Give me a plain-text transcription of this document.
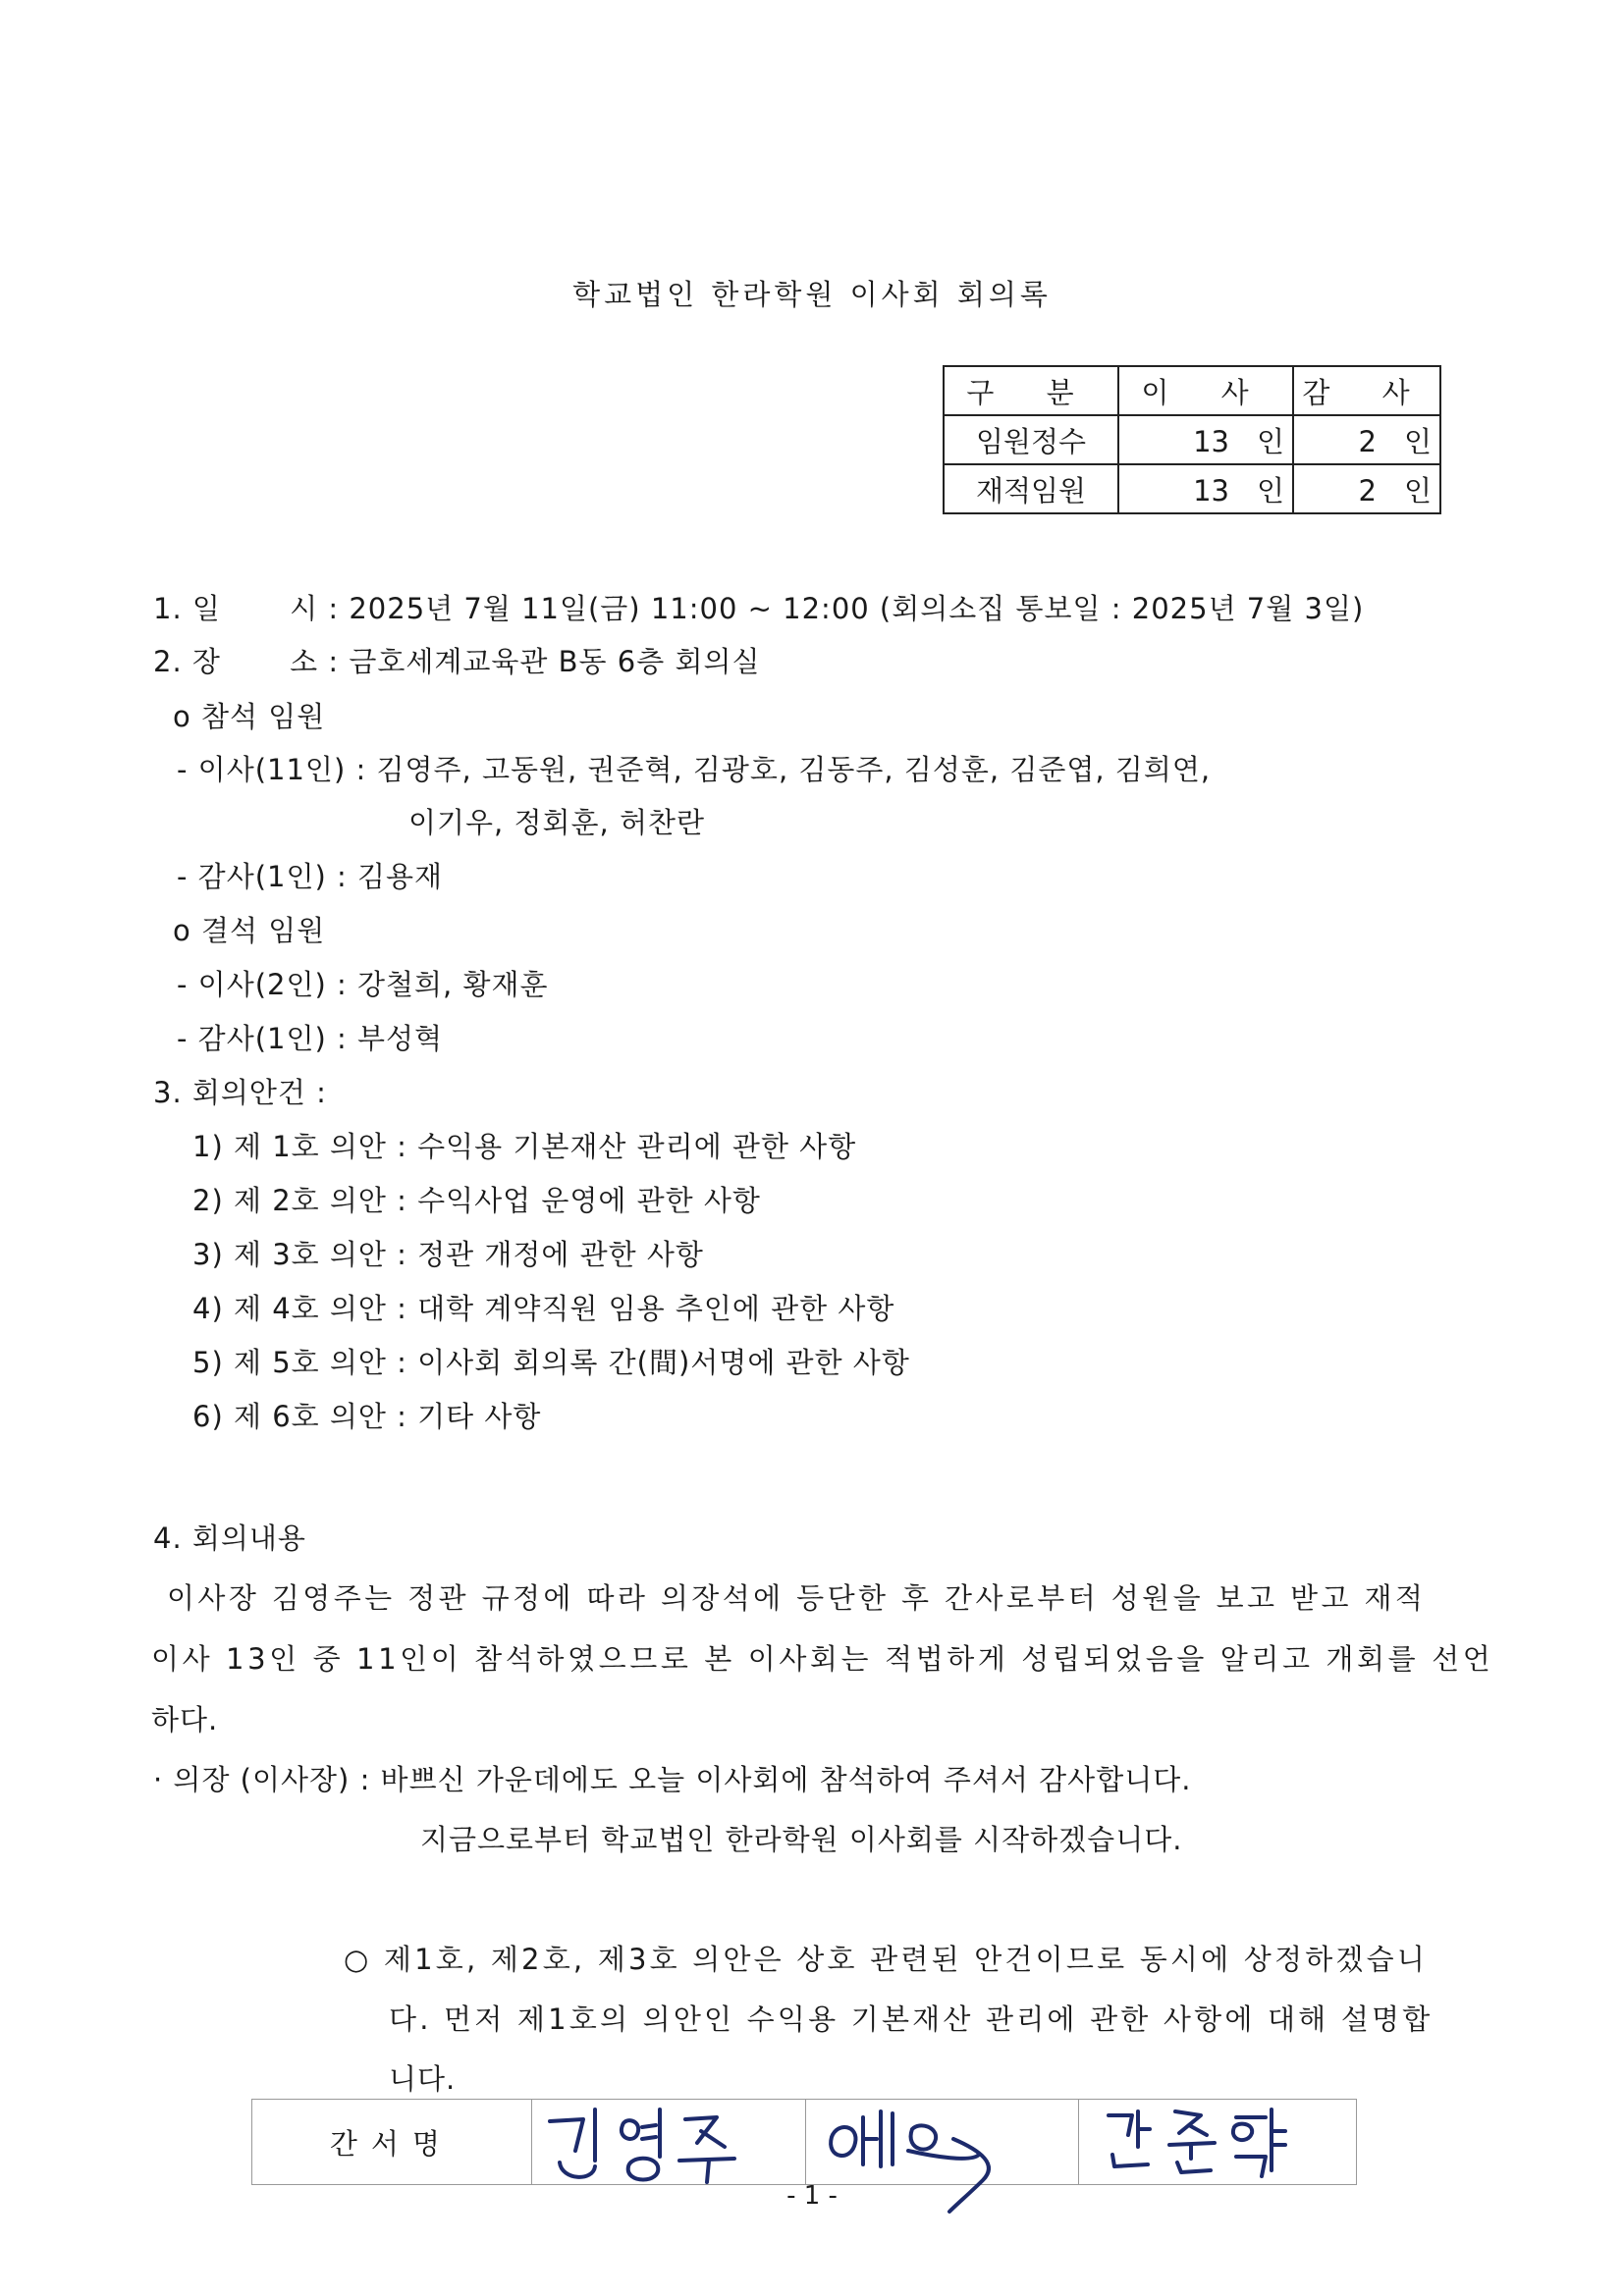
학교법인 한라학원 이사회 회의록
구 분	이 사	감 사
임원정수	13 인	2 인
재적임원	13 인	2 인
1. 일　　 시 : 2025년 7월 11일(금) 11:00 ~ 12:00 (회의소집 통보일 : 2025년 7월 3일)
2. 장　　 소 : 금호세계교육관 B동 6층 회의실
o 참석 임원
- 이사(11인) : 김영주, 고동원, 권준혁, 김광호, 김동주, 김성훈, 김준엽, 김희연,
이기우, 정회훈, 허찬란
- 감사(1인) : 김용재
o 결석 임원
- 이사(2인) : 강철희, 황재훈
- 감사(1인) : 부성혁
3. 회의안건 :
1) 제 1호 의안 : 수익용 기본재산 관리에 관한 사항
2) 제 2호 의안 : 수익사업 운영에 관한 사항
3) 제 3호 의안 : 정관 개정에 관한 사항
4) 제 4호 의안 : 대학 계약직원 임용 추인에 관한 사항
5) 제 5호 의안 : 이사회 회의록 간(間)서명에 관한 사항
6) 제 6호 의안 : 기타 사항
4. 회의내용
이사장 김영주는 정관 규정에 따라 의장석에 등단한 후 간사로부터 성원을 보고 받고 재적
이사 13인 중 11인이 참석하였으므로 본 이사회는 적법하게 성립되었음을 알리고 개회를 선언
하다.
· 의장 (이사장) : 바쁘신 가운데에도 오늘 이사회에 참석하여 주셔서 감사합니다.
지금으로부터 학교법인 한라학원 이사회를 시작하겠습니다.
○ 제1호, 제2호, 제3호 의안은 상호 관련된 안건이므로 동시에 상정하겠습니
다. 먼저 제1호의 의안인 수익용 기본재산 관리에 관한 사항에 대해 설명합
니다.
간서명
- 1 -
